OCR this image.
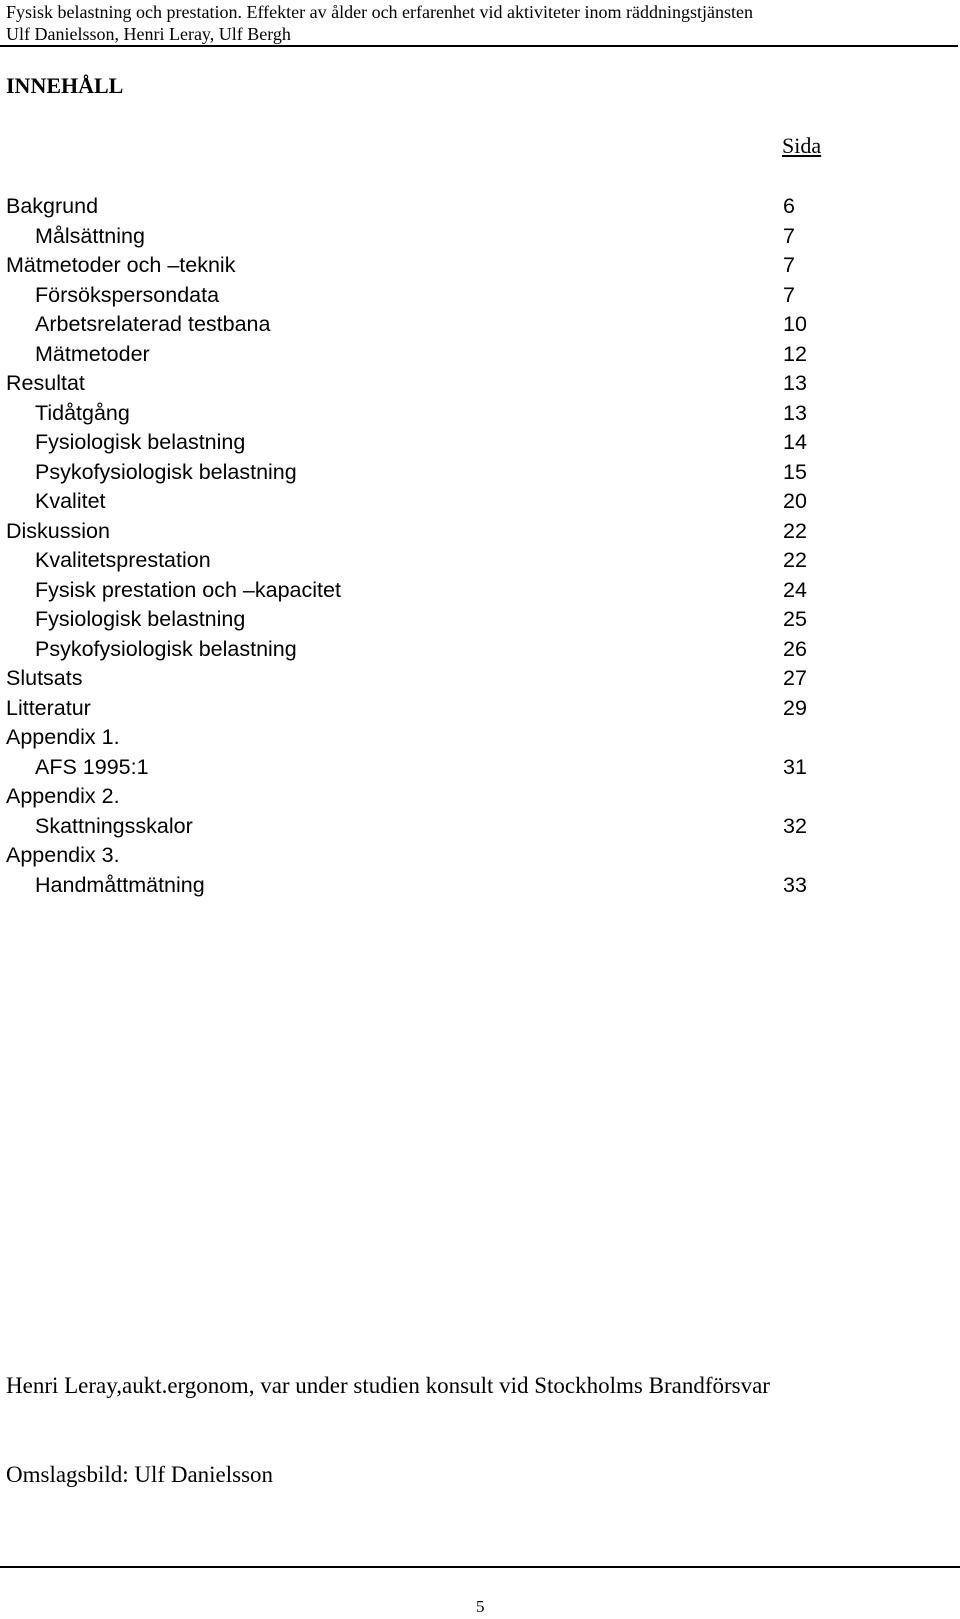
Fysisk belastning och prestation. Effekter av ålder och erfarenhet vid aktiviteter inom räddningstjänsten
Ulf Danielsson, Henri Leray, Ulf Bergh
INNEHÅLL
Sida
Bakgrund	6
Målsättning	7
Mätmetoder och –teknik	7
Försökspersondata	7
Arbetsrelaterad testbana	10
Mätmetoder	12
Resultat	13
Tidåtgång	13
Fysiologisk belastning	14
Psykofysiologisk belastning	15
Kvalitet	20
Diskussion	22
Kvalitetsprestation	22
Fysisk prestation och –kapacitet	24
Fysiologisk belastning	25
Psykofysiologisk belastning	26
Slutsats	27
Litteratur	29
Appendix 1.
AFS 1995:1	31
Appendix 2.
Skattningsskalor	32
Appendix 3.
Handmåttmätning	33
Henri Leray,aukt.ergonom, var under studien konsult vid Stockholms Brandförsvar
Omslagsbild: Ulf Danielsson
5
